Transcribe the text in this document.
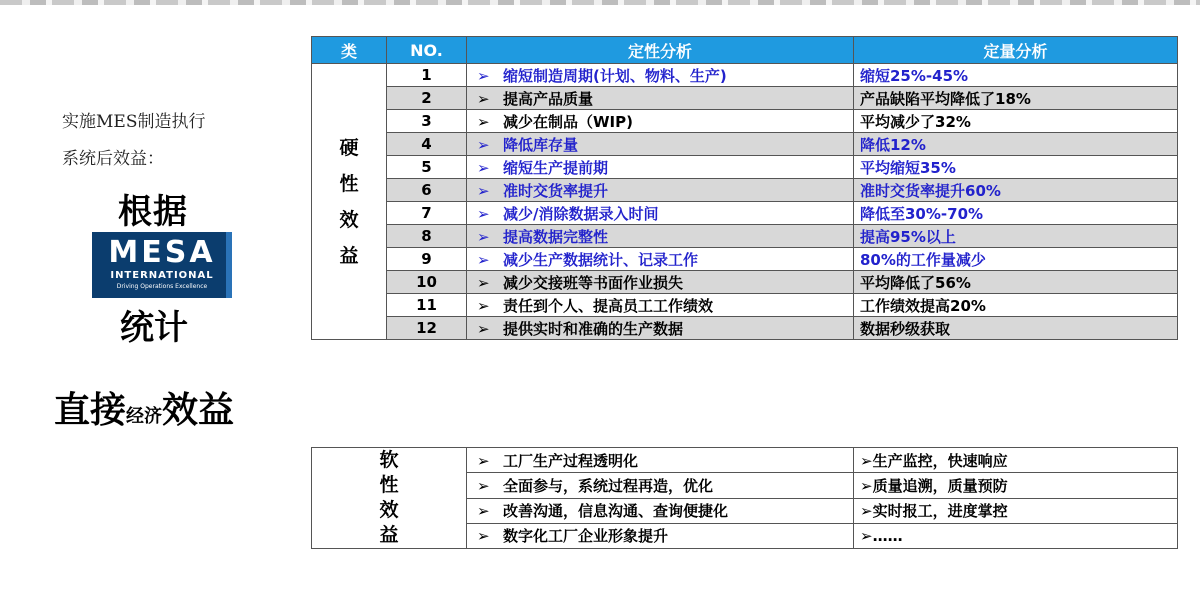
实施MES制造执行
系统后效益：
根据
MESA
INTERNATIONAL
Driving Operations Excellence
统计
直接经济效益
类	NO.	定性分析	定量分析

硬
性
效
益	1	➢ 缩短制造周期(计划、物料、生产)	缩短25%-45%
	2	➢ 提高产品质量	产品缺陷平均降低了18%
	3	➢ 减少在制品（WIP)	平均减少了32%
	4	➢ 降低库存量	降低12%
	5	➢ 缩短生产提前期	平均缩短35%
	6	➢ 准时交货率提升	准时交货率提升60%
	7	➢ 减少/消除数据录入时间	降低至30%-70%
	8	➢ 提高数据完整性	提高95%以上
	9	➢ 减少生产数据统计、记录工作	80%的工作量减少
	10	➢ 减少交接班等书面作业损失	平均降低了56%
	11	➢ 责任到个人、提高员工工作绩效	工作绩效提高20%
	12	➢ 提供实时和准确的生产数据	数据秒级获取
软
性
效
益	➢ 工厂生产过程透明化	➢生产监控，快速响应
	➢ 全面参与，系统过程再造，优化	➢质量追溯，质量预防
	➢ 改善沟通，信息沟通、查询便捷化	➢实时报工，进度掌控
	➢ 数字化工厂企业形象提升	➢……
